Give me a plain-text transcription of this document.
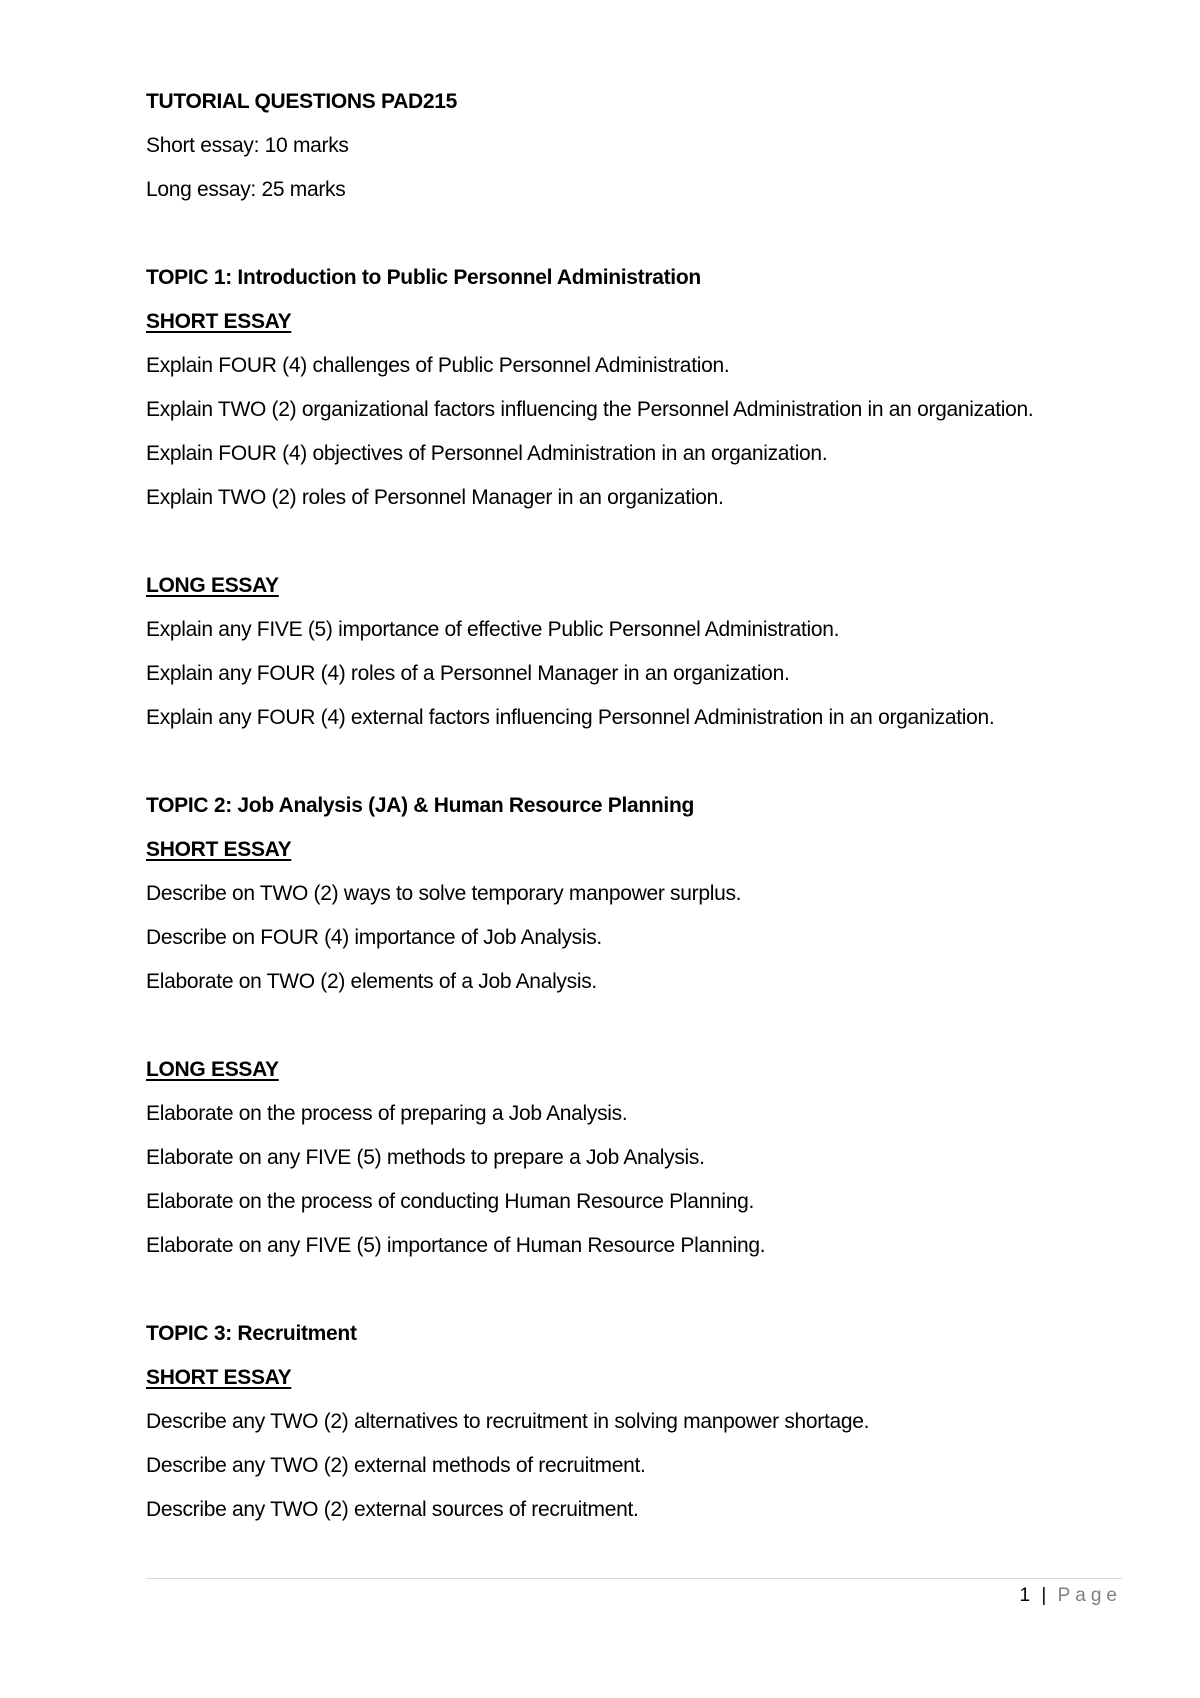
TUTORIAL QUESTIONS PAD215
Short essay: 10 marks
Long essay: 25 marks
TOPIC 1: Introduction to Public Personnel Administration
SHORT ESSAY
Explain FOUR (4) challenges of Public Personnel Administration.
Explain TWO (2) organizational factors influencing the Personnel Administration in an organization.
Explain FOUR (4) objectives of Personnel Administration in an organization.
Explain TWO (2) roles of Personnel Manager in an organization.
LONG ESSAY
Explain any FIVE (5) importance of effective Public Personnel Administration.
Explain any FOUR (4) roles of a Personnel Manager in an organization.
Explain any FOUR (4) external factors influencing Personnel Administration in an organization.
TOPIC 2: Job Analysis (JA) & Human Resource Planning
SHORT ESSAY
Describe on TWO (2) ways to solve temporary manpower surplus.
Describe on FOUR (4) importance of Job Analysis.
Elaborate on TWO (2) elements of a Job Analysis.
LONG ESSAY
Elaborate on the process of preparing a Job Analysis.
Elaborate on any FIVE (5) methods to prepare a Job Analysis.
Elaborate on the process of conducting Human Resource Planning.
Elaborate on any FIVE (5) importance of Human Resource Planning.
TOPIC 3: Recruitment
SHORT ESSAY
Describe any TWO (2) alternatives to recruitment in solving manpower shortage.
Describe any TWO (2) external methods of recruitment.
Describe any TWO (2) external sources of recruitment.
1 | Page
